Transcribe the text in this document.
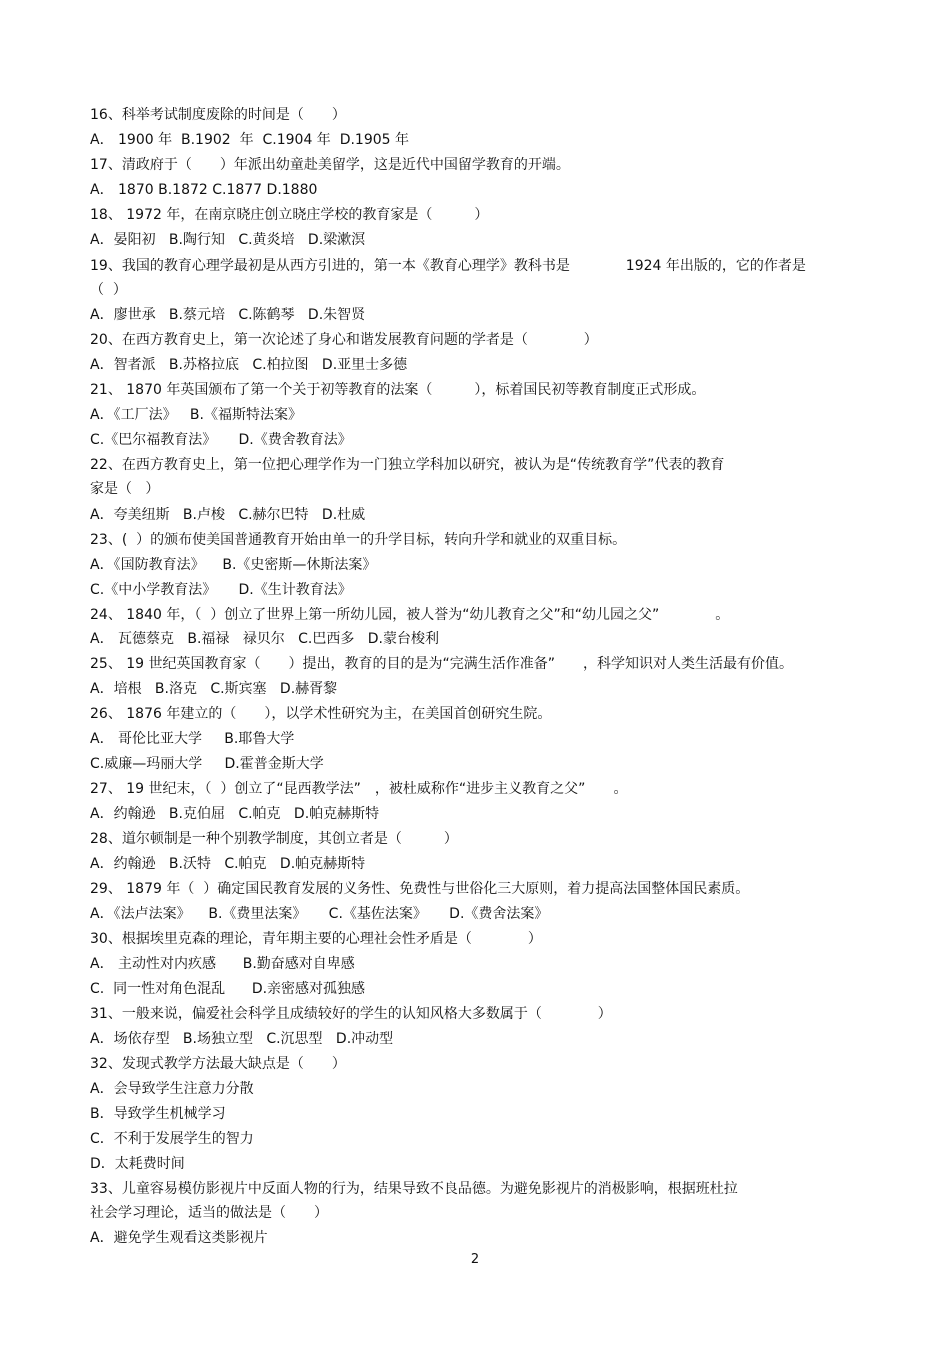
16、科举考试制度废除的时间是（　　）
A． 1900 年  B.1902  年  C.1904 年  D.1905 年
17、清政府于（　　）年派出幼童赴美留学，这是近代中国留学教育的开端。
A． 1870 B.1872 C.1877 D.1880
18、 1972 年，在南京晓庄创立晓庄学校的教育家是（　　　）
A．晏阳初   B.陶行知   C.黄炎培   D.梁漱溟
19、我国的教育心理学最初是从西方引进的，第一本《教育心理学》教科书是　　　　1924 年出版的，它的作者是
（  ）
A．廖世承   B.蔡元培   C.陈鹤琴   D.朱智贤
20、在西方教育史上，第一次论述了身心和谐发展教育问题的学者是（　　　　）
A．智者派   B.苏格拉底   C.柏拉图   D.亚里士多德
21、 1870 年英国颁布了第一个关于初等教育的法案（　　　），标着国民初等教育制度正式形成。
A．《工厂法》   B.《福斯特法案》
C.《巴尔福教育法》     D.《费舍教育法》
22、在西方教育史上，第一位把心理学作为一门独立学科加以研究，被认为是“传统教育学”代表的教育
家是（   ）
A．夸美纽斯   B.卢梭   C.赫尔巴特   D.杜威
23、(  ）的颁布使美国普通教育开始由单一的升学目标，转向升学和就业的双重目标。
A．《国防教育法》    B.《史密斯—休斯法案》
C.《中小学教育法》     D.《生计教育法》
24、 1840 年，（  ）创立了世界上第一所幼儿园，被人誉为“幼儿教育之父”和“幼儿园之父”　　　　。
A． 瓦德蔡克   B.福禄   禄贝尔   C.巴西多   D.蒙台梭利
25、 19 世纪英国教育家（　　）提出，教育的目的是为“完满生活作准备”　　，科学知识对人类生活最有价值。
A．培根   B.洛克   C.斯宾塞   D.赫胥黎
26、 1876 年建立的（　　），以学术性研究为主，在美国首创研究生院。
A． 哥伦比亚大学     B.耶鲁大学
C.威廉—玛丽大学     D.霍普金斯大学
27、 19 世纪末，（  ）创立了“昆西教学法”　，被杜威称作“进步主义教育之父”　　。
A．约翰逊   B.克伯屈   C.帕克   D.帕克赫斯特
28、道尔顿制是一种个别教学制度，其创立者是（　　　）
A．约翰逊   B.沃特   C.帕克   D.帕克赫斯特
29、 1879 年（  ）确定国民教育发展的义务性、免费性与世俗化三大原则，着力提高法国整体国民素质。
A．《法卢法案》    B.《费里法案》     C.《基佐法案》     D.《费舍法案》
30、根据埃里克森的理论，青年期主要的心理社会性矛盾是（　　　　）
A． 主动性对内疚感      B.勤奋感对自卑感
C.  同一性对角色混乱      D.亲密感对孤独感
31、一般来说，偏爱社会科学且成绩较好的学生的认知风格大多数属于（　　　　）
A．场依存型   B.场独立型   C.沉思型   D.冲动型
32、发现式教学方法最大缺点是（　　）
A．会导致学生注意力分散
B．导致学生机械学习
C．不利于发展学生的智力
D．太耗费时间
33、儿童容易模仿影视片中反面人物的行为，结果导致不良品德。为避免影视片的消极影响，根据班杜拉
社会学习理论，适当的做法是（　　）
A．避免学生观看这类影视片
2
